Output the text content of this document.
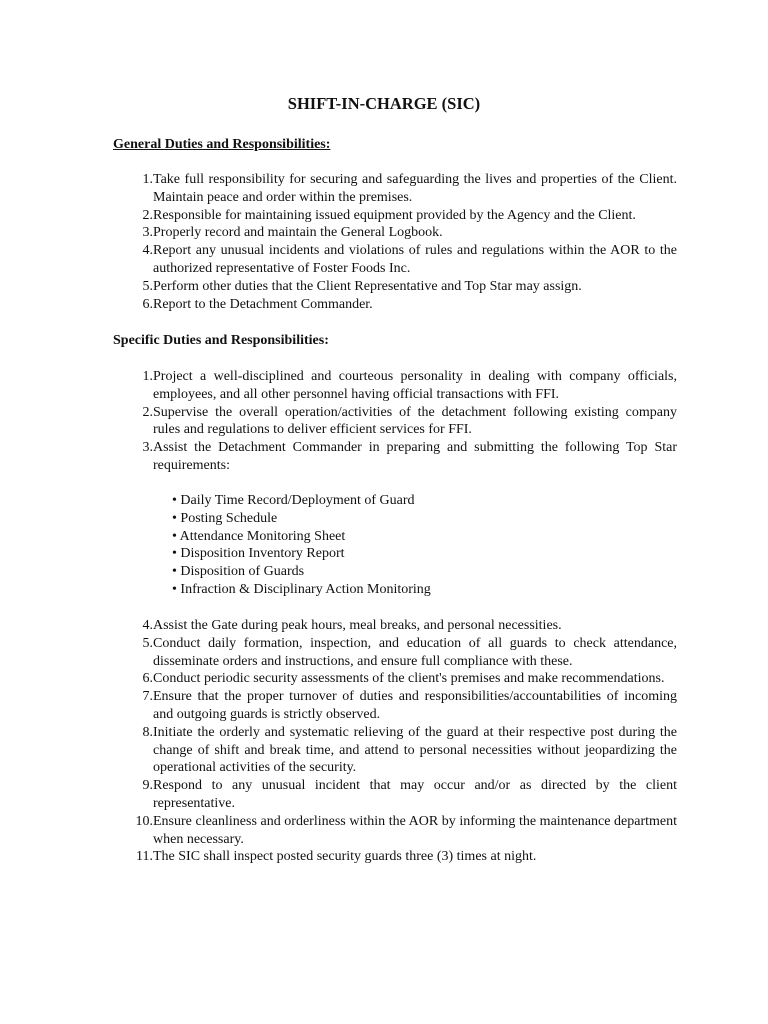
SHIFT-IN-CHARGE (SIC)
General Duties and Responsibilities:
1. Take full responsibility for securing and safeguarding the lives and properties of the Client. Maintain peace and order within the premises.
2. Responsible for maintaining issued equipment provided by the Agency and the Client.
3. Properly record and maintain the General Logbook.
4. Report any unusual incidents and violations of rules and regulations within the AOR to the authorized representative of Foster Foods Inc.
5. Perform other duties that the Client Representative and Top Star may assign.
6. Report to the Detachment Commander.
Specific Duties and Responsibilities:
1. Project a well-disciplined and courteous personality in dealing with company officials, employees, and all other personnel having official transactions with FFI.
2. Supervise the overall operation/activities of the detachment following existing company rules and regulations to deliver efficient services for FFI.
3. Assist the Detachment Commander in preparing and submitting the following Top Star requirements:
• Daily Time Record/Deployment of Guard
• Posting Schedule
• Attendance Monitoring Sheet
• Disposition Inventory Report
• Disposition of Guards
• Infraction & Disciplinary Action Monitoring
4. Assist the Gate during peak hours, meal breaks, and personal necessities.
5. Conduct daily formation, inspection, and education of all guards to check attendance, disseminate orders and instructions, and ensure full compliance with these.
6. Conduct periodic security assessments of the client's premises and make recommendations.
7. Ensure that the proper turnover of duties and responsibilities/accountabilities of incoming and outgoing guards is strictly observed.
8. Initiate the orderly and systematic relieving of the guard at their respective post during the change of shift and break time, and attend to personal necessities without jeopardizing the operational activities of the security.
9. Respond to any unusual incident that may occur and/or as directed by the client representative.
10. Ensure cleanliness and orderliness within the AOR by informing the maintenance department when necessary.
11. The SIC shall inspect posted security guards three (3) times at night.
